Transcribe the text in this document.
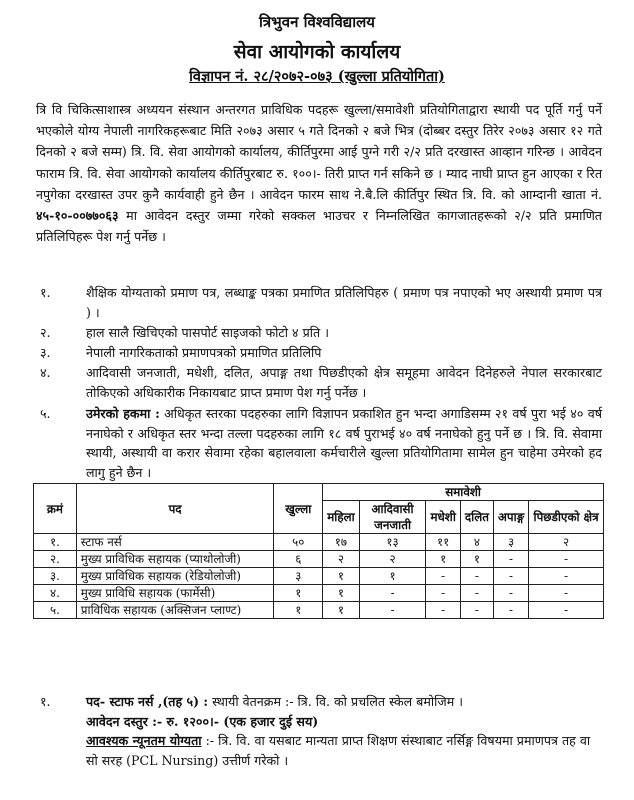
त्रिभुवन विश्वविद्यालय
सेवा आयोगको कार्यालय
विज्ञापन नं. २८/२०७२-०७३ (खुल्ला प्रतियोगिता)

त्रि वि चिकित्साशास्त्र अध्ययन संस्थान अन्तरगत प्राविधिक पदहरू खुल्ला/समावेशी प्रतियोगिताद्वारा स्थायी पद पूर्ति गर्नु पर्ने भएकोले योग्य नेपाली नागरिकहरूबाट मिति २०७३ असार ५ गते दिनको २ बजे भित्र (दोब्बर दस्तुर तिरेर २०७३ असार १२ गते दिनको २ बजे सम्म) त्रि. वि. सेवा आयोगको कार्यालय, कीर्तिपुरमा आई पुग्ने गरी २/२ प्रति दरखास्त आव्हान गरिन्छ । आवेदन फाराम त्रि. वि. सेवा आयोगको कार्यालय कीर्तिपुरबाट रु. १००।- तिरी प्राप्त गर्न सकिने छ । म्याद नाघी प्राप्त हुन आएका र रित नपुगेका दरखास्त उपर कुनै कार्यवाही हुने छैन । आवेदन फारम साथ ने.बै.लि कीर्तिपुर स्थित त्रि. वि. को आम्दानी खाता नं. ४५-१०-००७७०६३ मा आवेदन दस्तुर जम्मा गरेको सक्कल भाउचर र निम्नलिखित कागजातहरूको २/२ प्रति प्रमाणित प्रतिलिपिहरू पेश गर्नु पर्नेछ ।

१.	शैक्षिक योग्यताको प्रमाण पत्र, लब्धाङ्क पत्रका प्रमाणित प्रतिलिपिहरु ( प्रमाण पत्र नपाएको भए अस्थायी प्रमाण पत्र ) ।
२.	हाल सालै खिचिएको पासपोर्ट साइजको फोटो ४ प्रति ।
३.	नेपाली नागरिकताको प्रमाणपत्रको प्रमाणित प्रतिलिपि
४.	आदिवासी जनजाती, मधेशी, दलित, अपाङ्ग तथा पिछडीएको क्षेत्र समूहमा आवेदन दिनेहरुले नेपाल सरकारबाट तोकिएको अधिकारीक निकायबाट प्राप्त प्रमाण पेश गर्नु पर्नेछ ।
५.	उमेरको हकमा : अधिकृत स्तरका पदहरुका लागि विज्ञापन प्रकाशित हुन भन्दा अगाडिसम्म २१ वर्ष पुरा भई ४० वर्ष ननाघेको र अधिकृत स्तर भन्दा तल्ला पदहरुका लागि १८ वर्ष पुराभई ४० वर्ष ननाघेको हुनु पर्ने छ । त्रि. वि. सेवामा स्थायी, अस्थायी वा करार सेवामा रहेका बहालवाला कर्मचारीले खुल्ला प्रतियोगितामा सामेल हुन चाहेमा उमेरको हद लागु हुने छैन ।
क्रमं	पद	खुल्ला	समावेशी					
			महिला	आदिवासी जनजाती	मधेशी	दलित	अपाङ्ग	पिछडीएको क्षेत्र
१.	स्टाफ नर्स	५०	१७	१३	११	४	३	२
२.	मुख्य प्राविधिक सहायक (प्याथोलोजी)	६	२	२	१	१	-	-
३.	मुख्य प्राविधिक सहायक (रेडियोलोजी)	३	१	१	-	-	-	-
४.	मुख्य प्राविधि सहायक (फार्मेसी)	१	१	-	-	-	-	-
५.	प्राविधिक सहायक (अक्सिजन प्लाण्ट)	१	१	-	-	-	-	-
१.	पद- स्टाफ नर्स ,(तह ५) : स्थायी वेतनक्रम :- त्रि. वि. को प्रचलित स्केल बमोजिम ।
आवेदन दस्तुर :- रु. १२००।- (एक हजार दुई सय)
आवश्यक न्यूनतम योग्यता :- त्रि. वि. वा यसबाट मान्यता प्राप्त शिक्षण संस्थाबाट नर्सिङ्ग विषयमा प्रमाणपत्र तह वा सो सरह (PCL Nursing) उत्तीर्ण गरेको ।
